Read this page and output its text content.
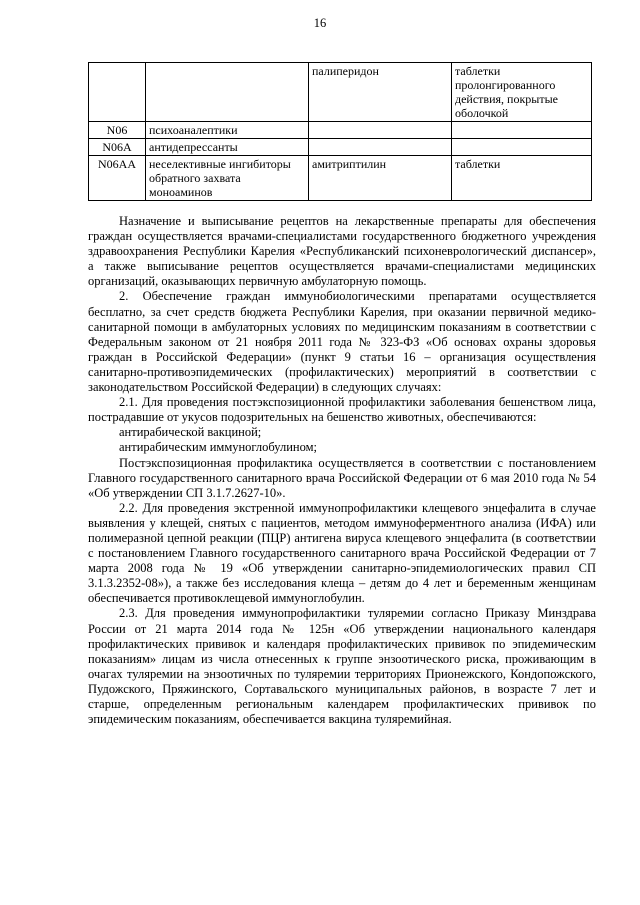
16
		палиперидон	таблетки пролонгированного действия, покрытые оболочкой
N06	психоаналептики		
N06A	антидепрессанты		
N06AA	неселективные ингибиторы обратного захвата моноаминов	амитриптилин	таблетки

Назначение и выписывание рецептов на лекарственные препараты для обеспечения граждан осуществляется врачами-специалистами государственного бюджетного учреждения здравоохранения Республики Карелия «Республиканский психоневрологический диспансер», а также выписывание рецептов осуществляется врачами-специалистами медицинских организаций, оказывающих первичную амбулаторную помощь.

2. Обеспечение граждан иммунобиологическими препаратами осуществляется бесплатно, за счет средств бюджета Республики Карелия, при оказании первичной медико-санитарной помощи в амбулаторных условиях по медицинским показаниям в соответствии с Федеральным законом от 21 ноября 2011 года № 323-ФЗ «Об основах охраны здоровья граждан в Российской Федерации» (пункт 9 статьи 16 – организация осуществления санитарно-противоэпидемических (профилактических) мероприятий в соответствии с законодательством Российской Федерации) в следующих случаях:

2.1. Для проведения постэкспозиционной профилактики заболевания бешенством лица, пострадавшие от укусов подозрительных на бешенство животных, обеспечиваются:

антирабической вакциной;

антирабическим иммуноглобулином;

Постэкспозиционная профилактика осуществляется в соответствии с постановлением Главного государственного санитарного врача Российской Федерации от 6 мая 2010 года № 54 «Об утверждении СП 3.1.7.2627-10».

2.2. Для проведения экстренной иммунопрофилактики клещевого энцефалита в случае выявления у клещей, снятых с пациентов, методом иммуноферментного анализа (ИФА) или полимеразной цепной реакции (ПЦР) антигена вируса клещевого энцефалита (в соответствии с постановлением Главного государственного санитарного врача Российской Федерации от 7 марта 2008 года № 19 «Об утверждении санитарно-эпидемиологических правил СП 3.1.3.2352-08»), а также без исследования клеща – детям до 4 лет и беременным женщинам обеспечивается противоклещевой иммуноглобулин.

2.3. Для проведения иммунопрофилактики туляремии согласно Приказу Минздрава России от 21 марта 2014 года № 125н «Об утверждении национального календаря профилактических прививок и календаря профилактических прививок по эпидемическим показаниям» лицам из числа отнесенных к группе энзоотического риска, проживающим в очагах туляремии на энзоотичных по туляремии территориях Прионежского, Кондопожского, Пудожского, Пряжинского, Сортавальского муниципальных районов, в возрасте 7 лет и старше, определенным региональным календарем профилактических прививок по эпидемическим показаниям, обеспечивается вакцина туляремийная.
